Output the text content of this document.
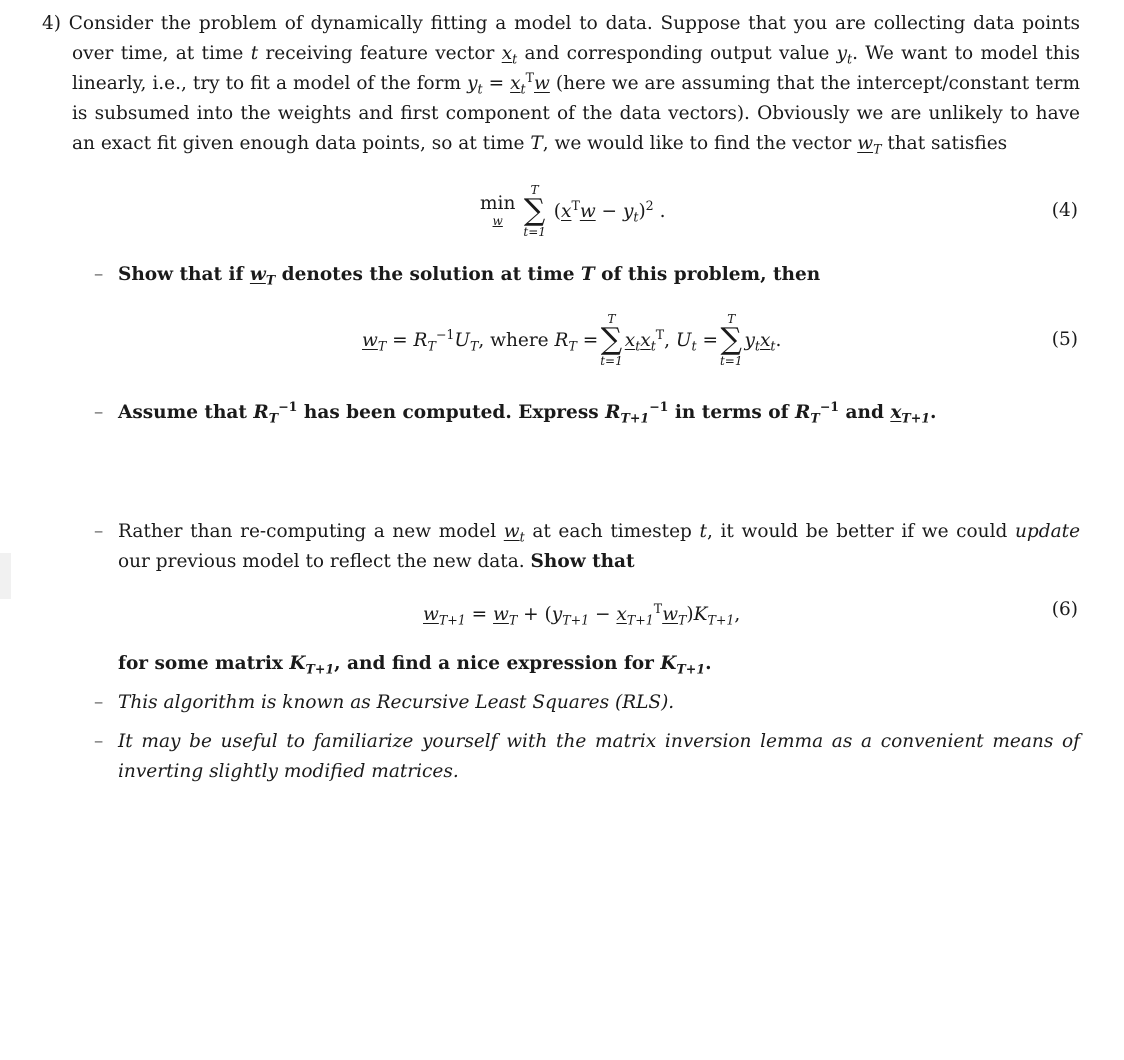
4) Consider the problem of dynamically fitting a model to data. Suppose that you are collecting data points over time, at time t receiving feature vector $x_t$ and corresponding output value $y_t$. We want to model this linearly, i.e., try to fit a model of the form $y_t = x_t^Tw$ (here we are assuming that the intercept/constant term is subsumed into the weights and first component of the data vectors). Obviously we are unlikely to have an exact fit given enough data points, so at time T, we would like to find the vector $w_T$ that satisfies
min
w
T
∑
t=1
$(x^Tw - y_t)^2$ .	(4)
– Show that if $w_T$ denotes the solution at time T of this problem, then
$w_T = R_T^{-1}U_T$, where $R_T$ =
T
∑
t=1
$x_tx_t^T$, $U_t$ =
T
∑
t=1
$y_tx_t$.	(5)
– Assume that $R_T^{-1}$ has been computed. Express $R_{T+1}^{-1}$ in terms of $R_T^{-1}$ and $x_{T+1}$.
– Rather than re-computing a new model $w_t$ at each timestep t, it would be better if we could update our previous model to reflect the new data. Show that
$w_{T+1} = w_T + (y_{T+1} - x_{T+1}^Tw_T)K_{T+1}$,	(6)
for some matrix $K_{T+1}$, and find a nice expression for $K_{T+1}$.
– This algorithm is known as Recursive Least Squares (RLS).
– It may be useful to familiarize yourself with the matrix inversion lemma as a convenient means of inverting slightly modified matrices.
